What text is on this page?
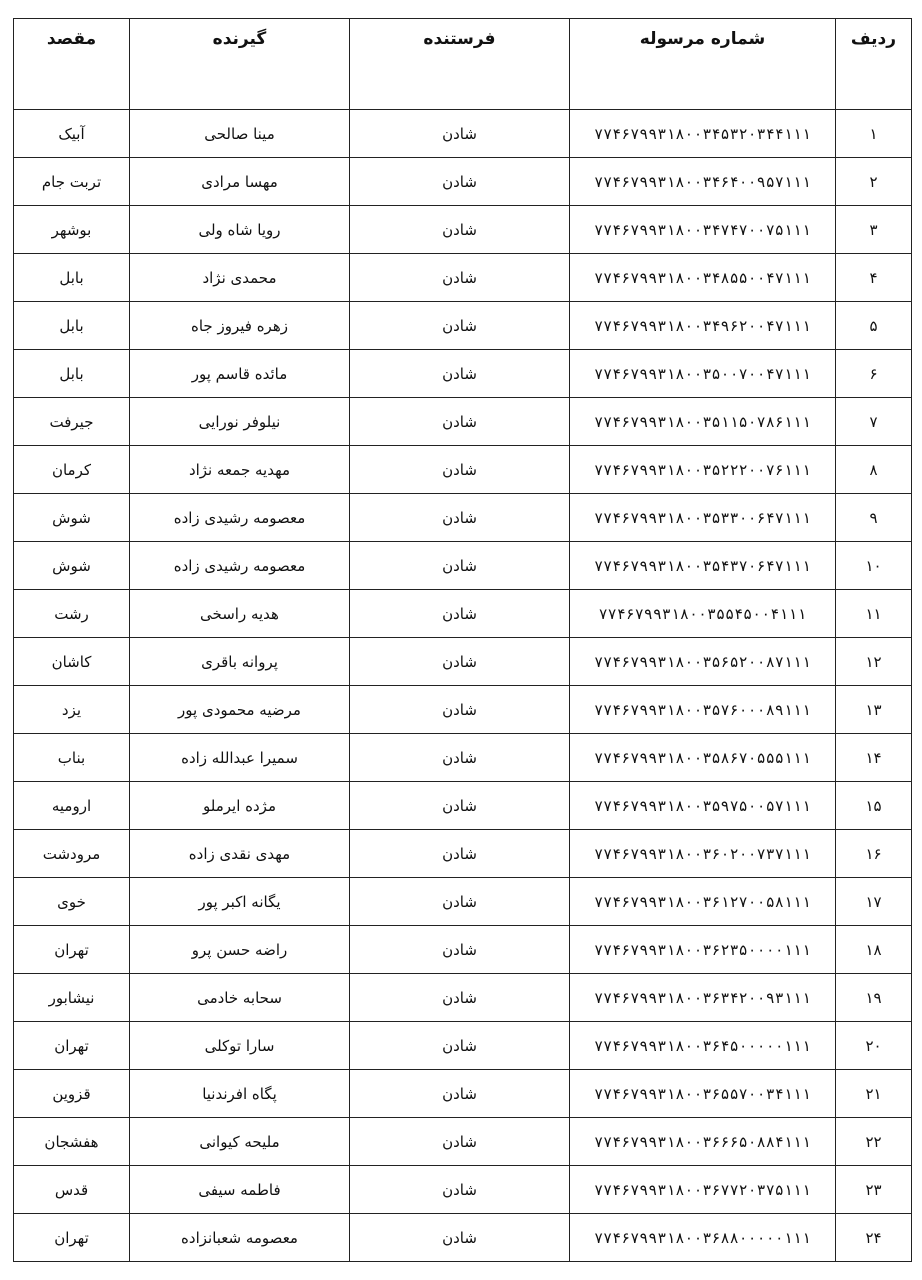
ردیف	شماره مرسوله	فرستنده	گیرنده	مقصد
۱	۷۷۴۶۷۹۹۳۱۸۰۰۳۴۵۳۲۰۳۴۴۱۱۱	شادن	مینا صالحی	آبیک
۲	۷۷۴۶۷۹۹۳۱۸۰۰۳۴۶۴۰۰۹۵۷۱۱۱	شادن	مهسا مرادی	تربت جام
۳	۷۷۴۶۷۹۹۳۱۸۰۰۳۴۷۴۷۰۰۷۵۱۱۱	شادن	رویا شاه ولی	بوشهر
۴	۷۷۴۶۷۹۹۳۱۸۰۰۳۴۸۵۵۰۰۴۷۱۱۱	شادن	محمدی نژاد	بابل
۵	۷۷۴۶۷۹۹۳۱۸۰۰۳۴۹۶۲۰۰۴۷۱۱۱	شادن	زهره فیروز جاه	بابل
۶	۷۷۴۶۷۹۹۳۱۸۰۰۳۵۰۰۷۰۰۴۷۱۱۱	شادن	مائده قاسم پور	بابل
۷	۷۷۴۶۷۹۹۳۱۸۰۰۳۵۱۱۵۰۷۸۶۱۱۱	شادن	نیلوفر نورایی	جیرفت
۸	۷۷۴۶۷۹۹۳۱۸۰۰۳۵۲۲۲۰۰۷۶۱۱۱	شادن	مهدیه جمعه نژاد	کرمان
۹	۷۷۴۶۷۹۹۳۱۸۰۰۳۵۳۳۰۰۶۴۷۱۱۱	شادن	معصومه رشیدی زاده	شوش
۱۰	۷۷۴۶۷۹۹۳۱۸۰۰۳۵۴۳۷۰۶۴۷۱۱۱	شادن	معصومه رشیدی زاده	شوش
۱۱	۷۷۴۶۷۹۹۳۱۸۰۰۳۵۵۴۵۰۰۴۱۱۱	شادن	هدیه راسخی	رشت
۱۲	۷۷۴۶۷۹۹۳۱۸۰۰۳۵۶۵۲۰۰۸۷۱۱۱	شادن	پروانه باقری	کاشان
۱۳	۷۷۴۶۷۹۹۳۱۸۰۰۳۵۷۶۰۰۰۸۹۱۱۱	شادن	مرضیه محمودی پور	یزد
۱۴	۷۷۴۶۷۹۹۳۱۸۰۰۳۵۸۶۷۰۵۵۵۱۱۱	شادن	سمیرا عبدالله زاده	بناب
۱۵	۷۷۴۶۷۹۹۳۱۸۰۰۳۵۹۷۵۰۰۵۷۱۱۱	شادن	مژده ایرملو	ارومیه
۱۶	۷۷۴۶۷۹۹۳۱۸۰۰۳۶۰۲۰۰۷۳۷۱۱۱	شادن	مهدی نقدی زاده	مرودشت
۱۷	۷۷۴۶۷۹۹۳۱۸۰۰۳۶۱۲۷۰۰۵۸۱۱۱	شادن	یگانه اکبر پور	خوی
۱۸	۷۷۴۶۷۹۹۳۱۸۰۰۳۶۲۳۵۰۰۰۰۱۱۱	شادن	راضه حسن پرو	تهران
۱۹	۷۷۴۶۷۹۹۳۱۸۰۰۳۶۳۴۲۰۰۹۳۱۱۱	شادن	سحابه خادمی	نیشابور
۲۰	۷۷۴۶۷۹۹۳۱۸۰۰۳۶۴۵۰۰۰۰۰۱۱۱	شادن	سارا توکلی	تهران
۲۱	۷۷۴۶۷۹۹۳۱۸۰۰۳۶۵۵۷۰۰۳۴۱۱۱	شادن	پگاه افرندنیا	قزوین
۲۲	۷۷۴۶۷۹۹۳۱۸۰۰۳۶۶۶۵۰۸۸۴۱۱۱	شادن	ملیحه کیوانی	هفشجان
۲۳	۷۷۴۶۷۹۹۳۱۸۰۰۳۶۷۷۲۰۳۷۵۱۱۱	شادن	فاطمه سیفی	قدس
۲۴	۷۷۴۶۷۹۹۳۱۸۰۰۳۶۸۸۰۰۰۰۰۱۱۱	شادن	معصومه شعبانزاده	تهران
